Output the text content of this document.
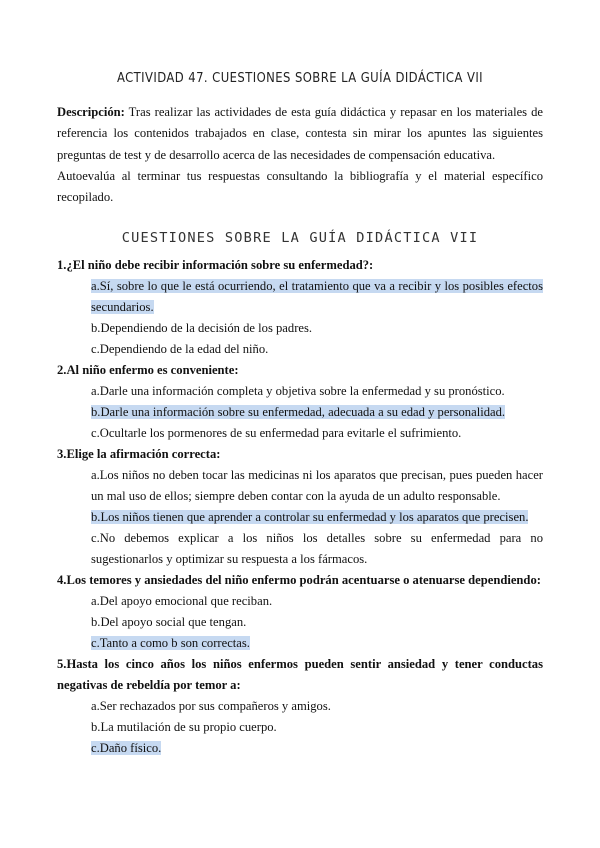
ACTIVIDAD 47. CUESTIONES SOBRE LA GUÍA DIDÁCTICA VII

Descripción: Tras realizar las actividades de esta guía didáctica y repasar en los materiales de referencia los contenidos trabajados en clase, contesta sin mirar los apuntes las siguientes preguntas de test y de desarrollo acerca de las necesidades de compensación educativa.

Autoevalúa al terminar tus respuestas consultando la bibliografía y el material específico recopilado.

CUESTIONES SOBRE LA GUÍA DIDÁCTICA VII

1.¿El niño debe recibir información sobre su enfermedad?:

a.Sí, sobre lo que le está ocurriendo, el tratamiento que va a recibir y los posibles efectos secundarios.

b.Dependiendo de la decisión de los padres.

c.Dependiendo de la edad del niño.

2.Al niño enfermo es conveniente:

a.Darle una información completa y objetiva sobre la enfermedad y su pronóstico.

b.Darle una información sobre su enfermedad, adecuada a su edad y personalidad.

c.Ocultarle los pormenores de su enfermedad para evitarle el sufrimiento.

3.Elige la afirmación correcta:

a.Los niños no deben tocar las medicinas ni los aparatos que precisan, pues pueden hacer un mal uso de ellos; siempre deben contar con la ayuda de un adulto responsable.

b.Los niños tienen que aprender a controlar su enfermedad y los aparatos que precisen.

c.No debemos explicar a los niños los detalles sobre su enfermedad para no sugestionarlos y optimizar su respuesta a los fármacos.

4.Los temores y ansiedades del niño enfermo podrán acentuarse o atenuarse dependiendo:

a.Del apoyo emocional que reciban.

b.Del apoyo social que tengan.

c.Tanto a como b son correctas.

5.Hasta los cinco años los niños enfermos pueden sentir ansiedad y tener conductas negativas de rebeldía por temor a:

a.Ser rechazados por sus compañeros y amigos.

b.La mutilación de su propio cuerpo.

c.Daño físico.
